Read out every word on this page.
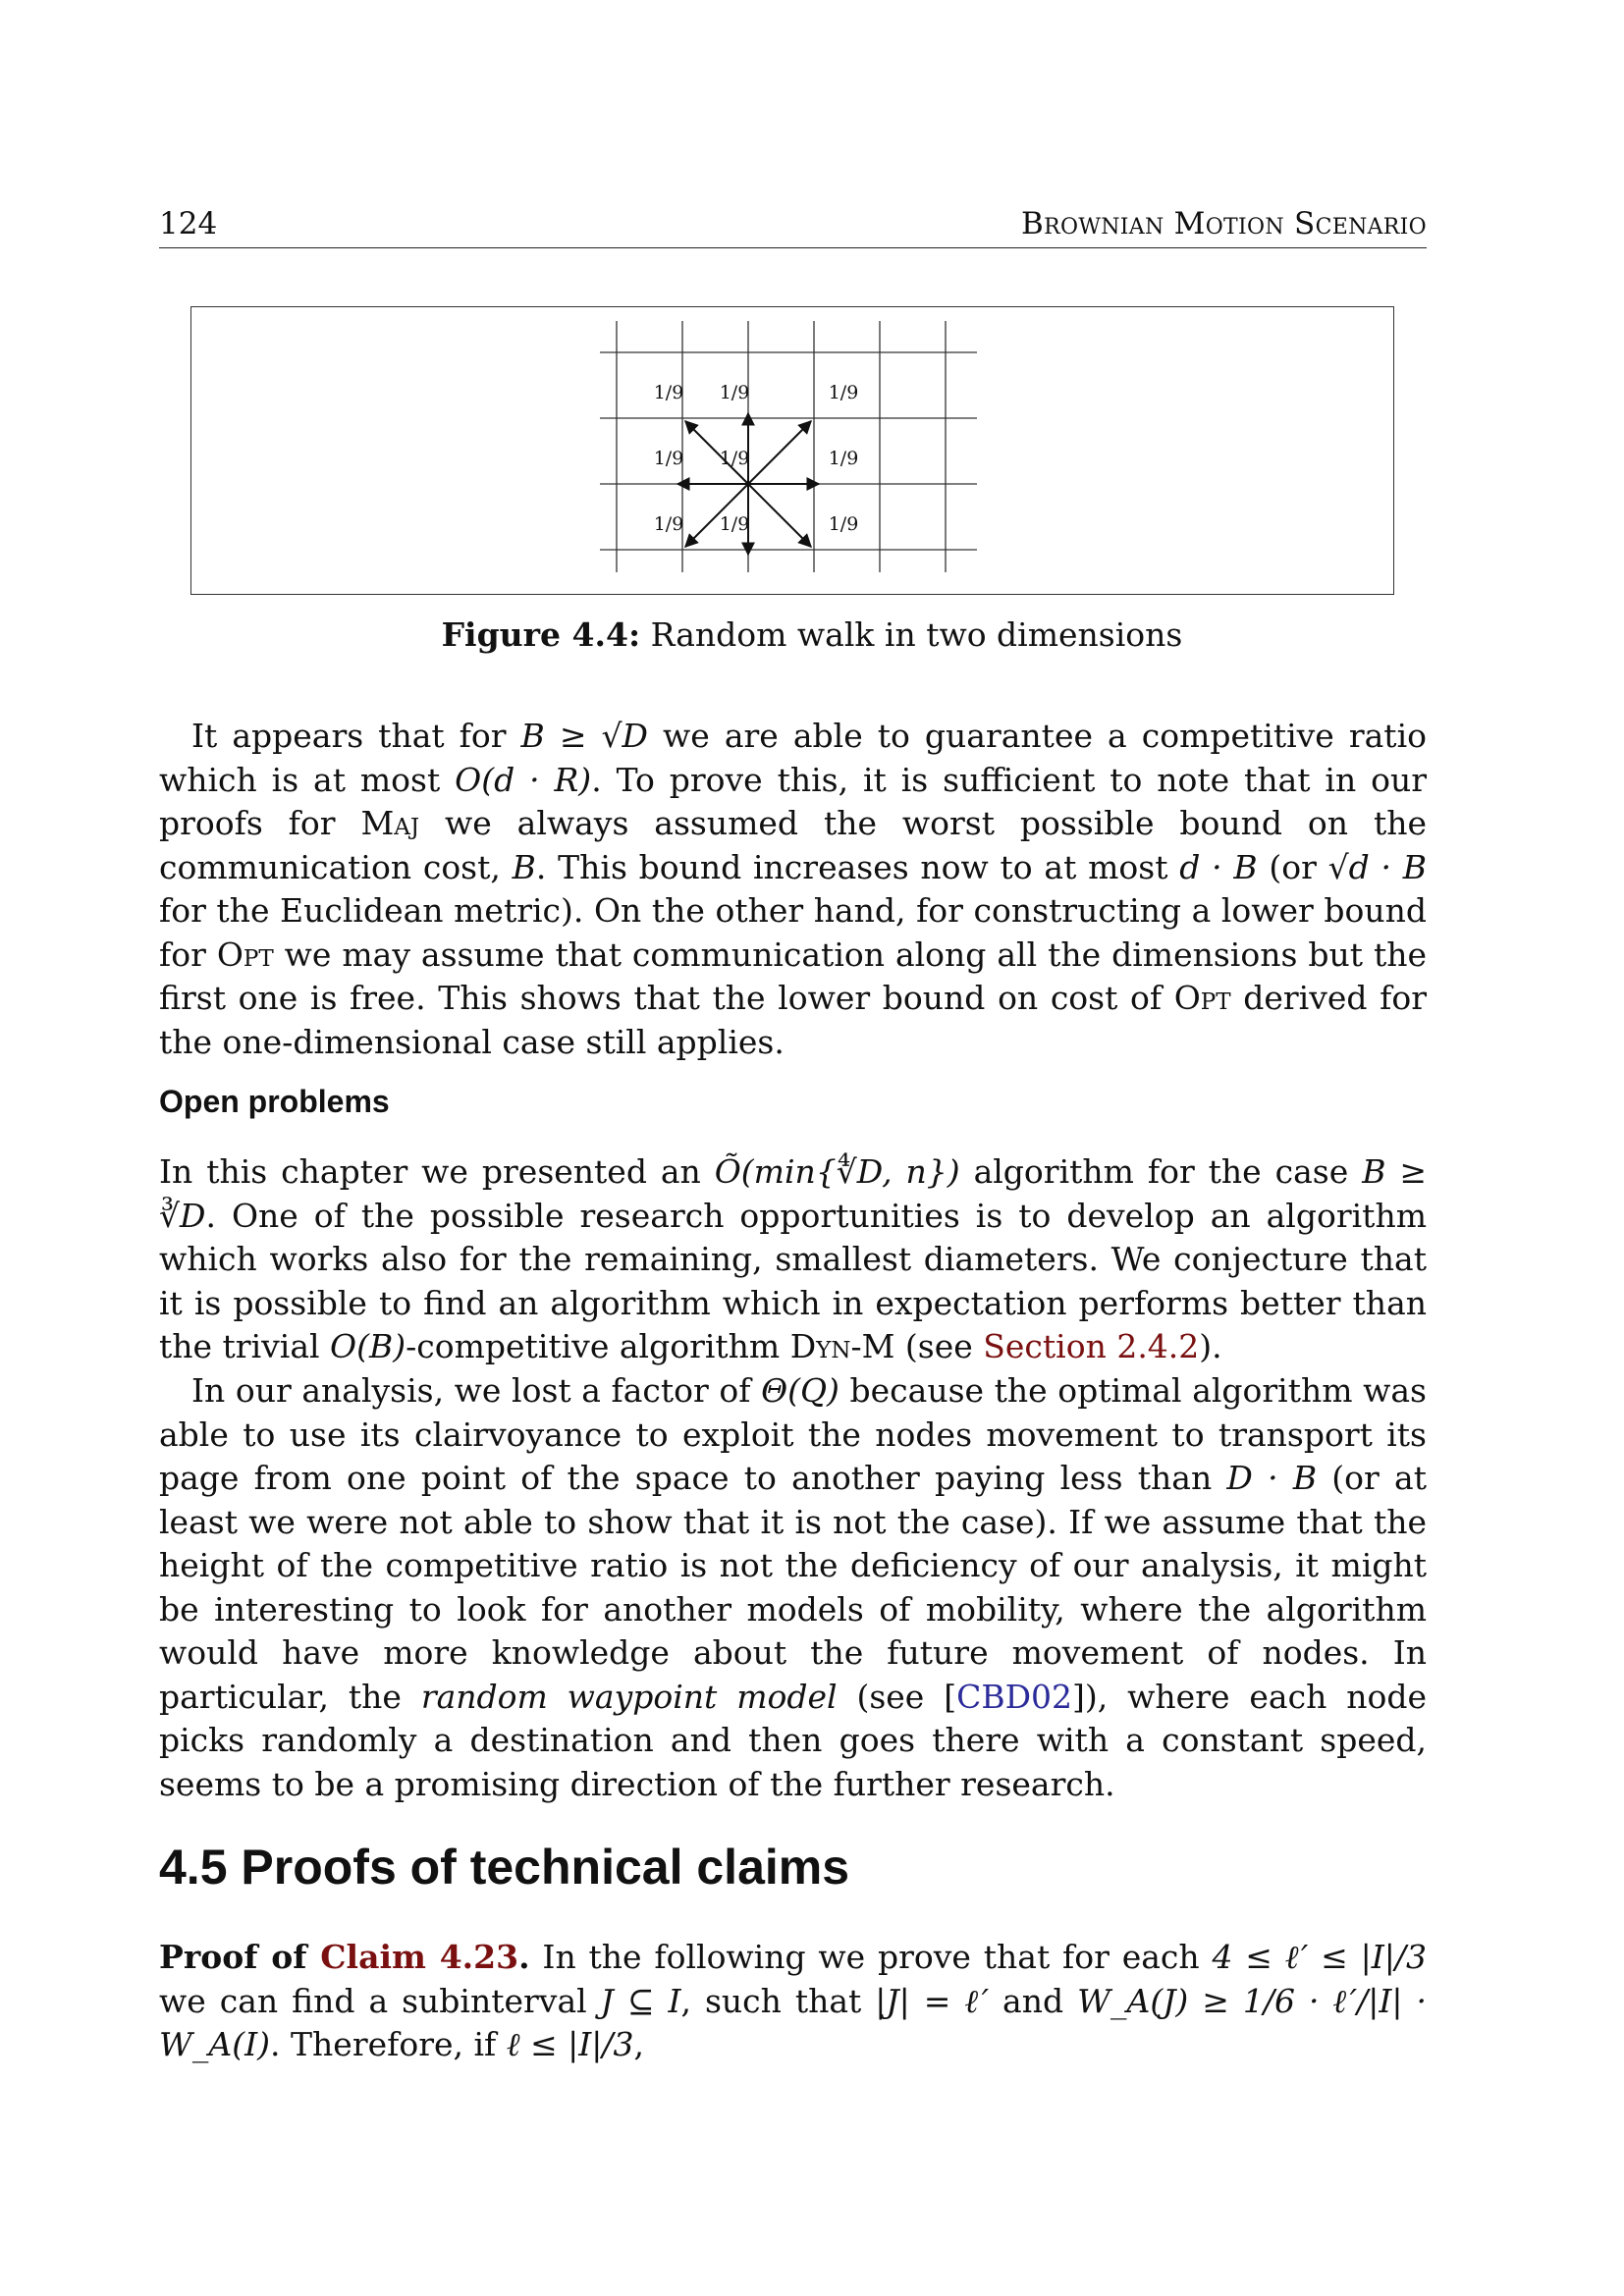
124	Brownian Motion Scenario
1/9 1/9	1/9
1/9 1/9	1/9
1/9 1/9	1/9
Figure 4.4: Random walk in two dimensions

It appears that for B ≥ √D we are able to guarantee a competitive ratio which is at most O(d · R). To prove this, it is sufficient to note that in our proofs for Maj we always assumed the worst possible bound on the communication cost, B. This bound increases now to at most d · B (or √d · B for the Euclidean metric). On the other hand, for constructing a lower bound for Opt we may assume that communication along all the dimensions but the first one is free. This shows that the lower bound on cost of Opt derived for the one-dimensional case still applies.

Open problems

In this chapter we presented an Õ(min{∜D, n}) algorithm for the case B ≥ ∛D. One of the possible research opportunities is to develop an algorithm which works also for the remaining, smallest diameters. We conjecture that it is possible to find an algorithm which in expectation performs better than the trivial O(B)-competitive algorithm Dyn-M (see Section 2.4.2).

In our analysis, we lost a factor of Θ(Q) because the optimal algorithm was able to use its clairvoyance to exploit the nodes movement to transport its page from one point of the space to another paying less than D · B (or at least we were not able to show that it is not the case). If we assume that the height of the competitive ratio is not the deficiency of our analysis, it might be interesting to look for another models of mobility, where the algorithm would have more knowledge about the future movement of nodes. In particular, the random waypoint model (see [CBD02]), where each node picks randomly a destination and then goes there with a constant speed, seems to be a promising direction of the further research.

4.5 Proofs of technical claims

Proof of Claim 4.23. In the following we prove that for each 4 ≤ ℓ′ ≤ |I|/3 we can find a subinterval J ⊆ I, such that |J| = ℓ′ and W_A(J) ≥ 1/6 · ℓ′/|I| · W_A(I). Therefore, if ℓ ≤ |I|/3,
